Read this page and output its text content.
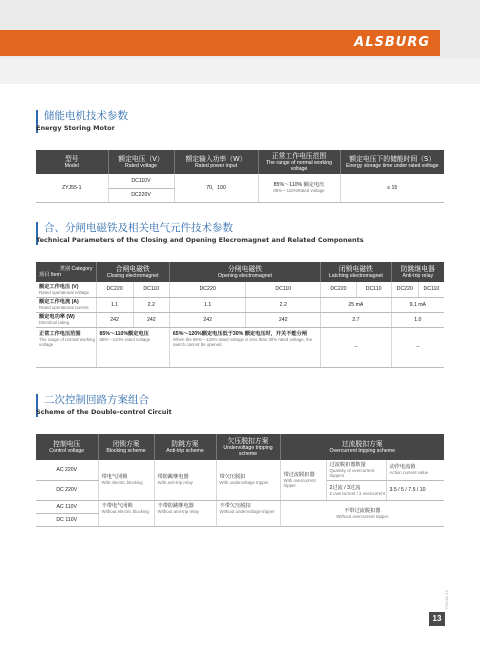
ALSBURG
储能电机技术参数
Energy Storing Motor
型号
Model	额定电压（V）
Rated voltage	额定输入功率（W）
Rated power input	正常工作电压范围
The range of normal working voltage	额定电压下的储能时间（S）
Energy storage time under rated voltage
ZYJ55-1	DC110V	70，100	85%～110% 额定电压
85%～110%Rated voltage	≤ 15
	DC220V			
合、分闸电磁铁及相关电气元件技术参数
Technical Parameters of the Closing and Opening Elecromagnet and Related Components
类别 Category
项目 Item	合闸电磁铁
Closing electromagnet		分闸电磁铁
Opening electromagnet		闭锁电磁铁
Latching electromagnet		防跳继电器
Anti-trip relay	
额定工作电压 (V)
Rated operational voltage	DC220	DC110	DC220	DC110	DC220	DC110	DC220	DC110
额定工作电流 (A)
Rated operational current	1.1	2.2	1.1	2.2	25 mA		9.1 mA	
额定电功率 (W)
Electrical rating	242	242	242	242	2.7		1.0	
正常工作电压范围
The range of normal working voltage	85%～110%额定电压
85%～110% rated voltage		65%～120%额定电压低于30% 额定电压时，开关不能分闸
When the 65%～120% rated voltage is less than 30% rated voltage, the switch cannot be opened.		–		–	
二次控制回路方案组合
Scheme of the Double-control Circuit
控制电压
Control voltage	闭锁方案
Blocking scheme	防跳方案
Anti-trip scheme	欠压脱扣方案
Undervoltage tripping scheme	过流脱扣方案
Overcurrent tripping scheme		
AC 220V	带电气闭锁
With electric blocking	带防跳继电器
With anti-trip relay	带欠压脱扣
With undervoltage tripper	带过流脱扣器
With overcurrent tripper	过流脱扣器数量
Quantity of overcurrent trippers	动作电流值
Action current value

DC 220V					2过流 / 3过流
2 overcurrent / 3 overcurrent	3.5 / 5 / 7.5 / 10
AC 110V	不带电气闭锁
Without electric blocking	不带防跳继电器
Without anti-trip relay	不带欠压脱扣
Without undervoltage tripper	不带过流脱扣器
Without overcurrent tripper		

DC 110V						
YR/V02-12
13
